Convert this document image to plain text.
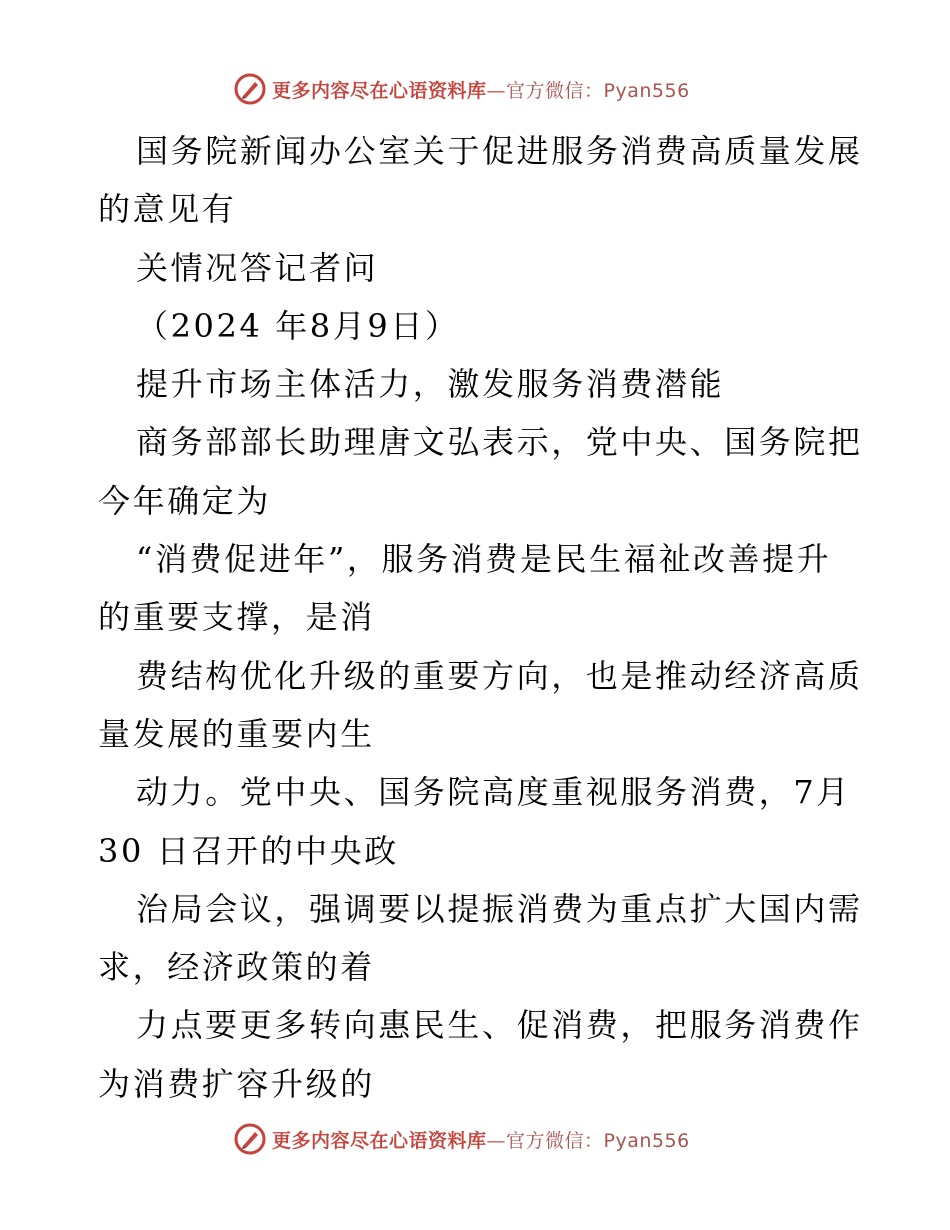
更多内容尽在心语资料库—官方微信：Pyan556
国务院新闻办公室关于促进服务消费高质量发展
的意见有
关情况答记者问
（2024 年8月9日）
提升市场主体活力，激发服务消费潜能
商务部部长助理唐文弘表示，党中央、国务院把
今年确定为
“消费促进年”，服务消费是民生福祉改善提升
的重要支撑，是消
费结构优化升级的重要方向，也是推动经济高质
量发展的重要内生
动力。党中央、国务院高度重视服务消费，7月
30 日召开的中央政
治局会议，强调要以提振消费为重点扩大国内需
求，经济政策的着
力点要更多转向惠民生、促消费，把服务消费作
为消费扩容升级的
更多内容尽在心语资料库—官方微信：Pyan556
